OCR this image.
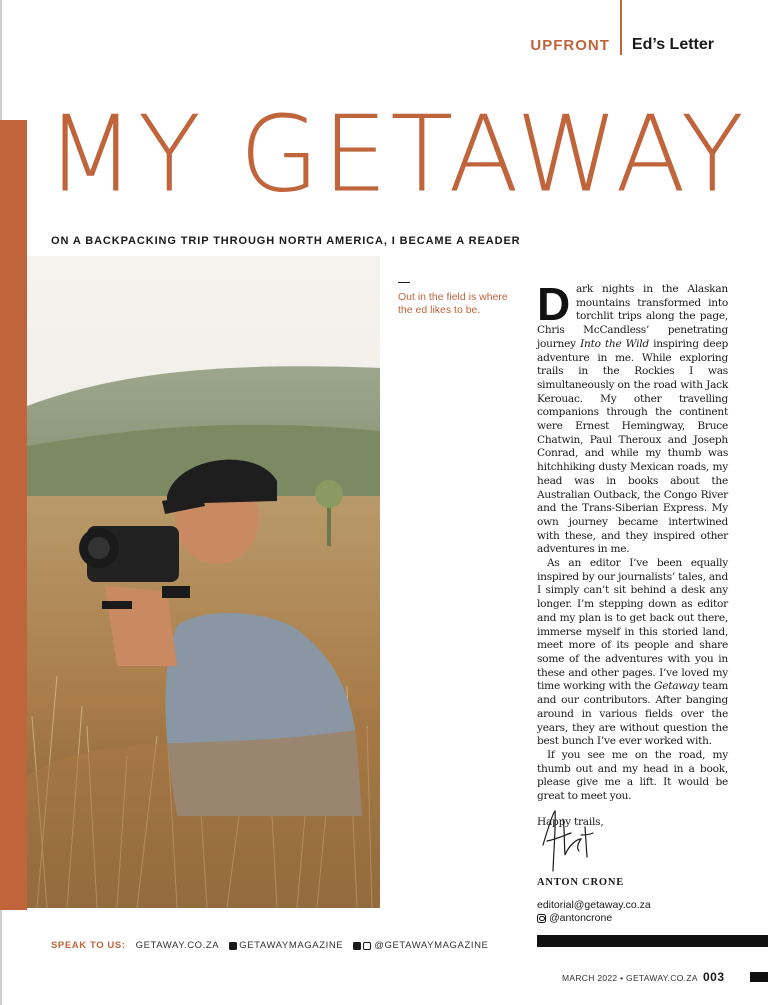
UPFRONT Ed’s Letter
MY GETAWAY
ON A BACKPACKING TRIP THROUGH NORTH AMERICA, I BECAME A READER

Out in the field is where the ed likes to be.	Dark nights in the Alaskan mountains transformed into torchlit trips along the page, Chris McCandless’ penetrating journey Into the Wild inspiring deep adventure in me. While exploring trails in the Rockies I was simultaneously on the road with Jack Kerouac. My other travelling companions through the continent were Ernest Hemingway, Bruce Chatwin, Paul Theroux and Joseph Conrad, and while my thumb was hitchhiking dusty Mexican roads, my head was in books about the Australian Outback, the Congo River and the Trans-Siberian Express. My own journey became intertwined with these, and they inspired other adventures in me.

As an editor I’ve been equally inspired by our journalists’ tales, and I simply can’t sit behind a desk any longer. I’m stepping down as editor and my plan is to get back out there, immerse myself in this storied land, meet more of its people and share some of the adventures with you in these and other pages. I’ve loved my time working with the Getaway team and our contributors. After banging around in various fields over the years, they are without question the best bunch I’ve ever worked with.

If you see me on the road, my thumb out and my head in a book, please give me a lift. It would be great to meet you.

Happy trails,

ANTON CRONE
editorial@getaway.co.za
@antoncrone
SPEAK TO US: GETAWAY.CO.ZA GETAWAYMAGAZINE	@GETAWAYMAGAZINE
MARCH 2022 • GETAWAY.CO.ZA 003
